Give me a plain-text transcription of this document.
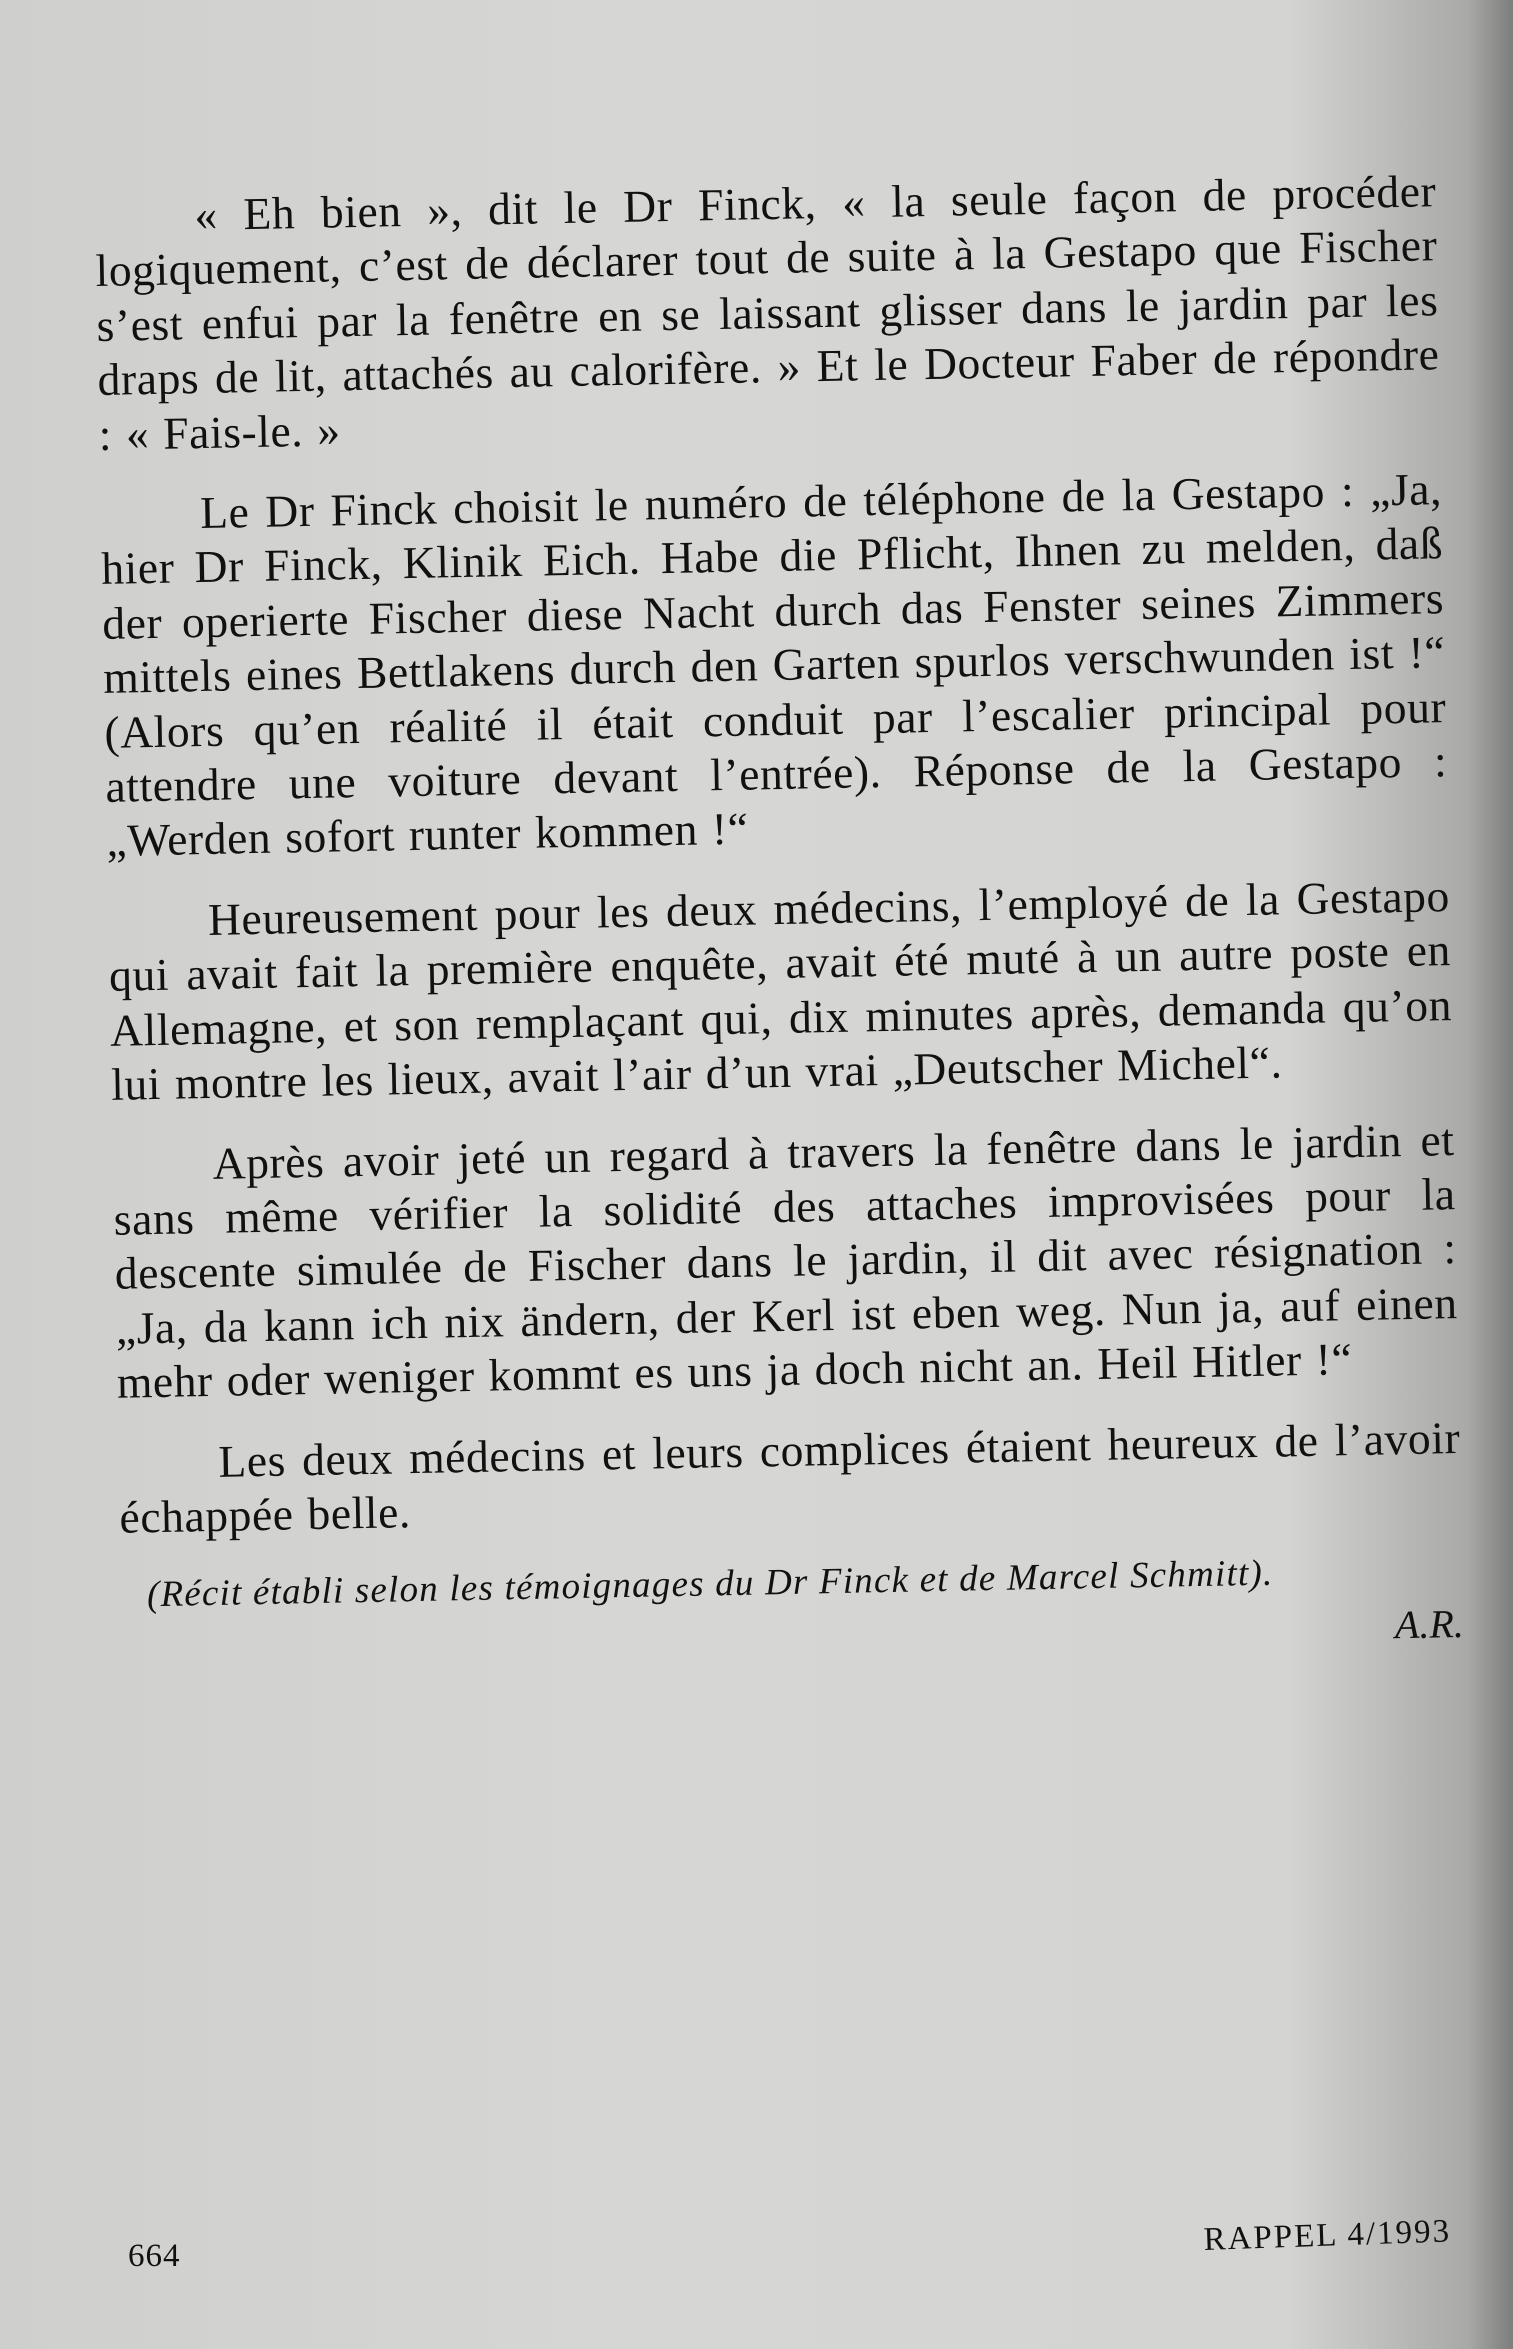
« Eh bien », dit le Dr Finck, « la seule façon de procéder logiquement, c’est de déclarer tout de suite à la Gestapo que Fischer s’est enfui par la fenêtre en se laissant glisser dans le jardin par les draps de lit, attachés au calorifère. » Et le Docteur Faber de répondre : « Fais-le. »

Le Dr Finck choisit le numéro de téléphone de la Gestapo : „Ja, hier Dr Finck, Klinik Eich. Habe die Pflicht, Ihnen zu melden, daß der operierte Fischer diese Nacht durch das Fenster seines Zimmers mittels eines Bettlakens durch den Garten spurlos verschwunden ist !“ (Alors qu’en réalité il était conduit par l’escalier principal pour attendre une voiture devant l’entrée). Réponse de la Gestapo : „Werden sofort runter kommen !“

Heureusement pour les deux médecins, l’employé de la Gestapo qui avait fait la première enquête, avait été muté à un autre poste en Allemagne, et son remplaçant qui, dix minutes après, demanda qu’on lui montre les lieux, avait l’air d’un vrai „Deutscher Michel“.

Après avoir jeté un regard à travers la fenêtre dans le jardin et sans même vérifier la solidité des attaches improvisées pour la descente simulée de Fischer dans le jardin, il dit avec résignation : „Ja, da kann ich nix ändern, der Kerl ist eben weg. Nun ja, auf einen mehr oder weniger kommt es uns ja doch nicht an. Heil Hitler !“

Les deux médecins et leurs complices étaient heureux de l’avoir échappée belle.

(Récit établi selon les témoignages du Dr Finck et de Marcel Schmitt).
A.R.
664	RAPPEL 4/1993
